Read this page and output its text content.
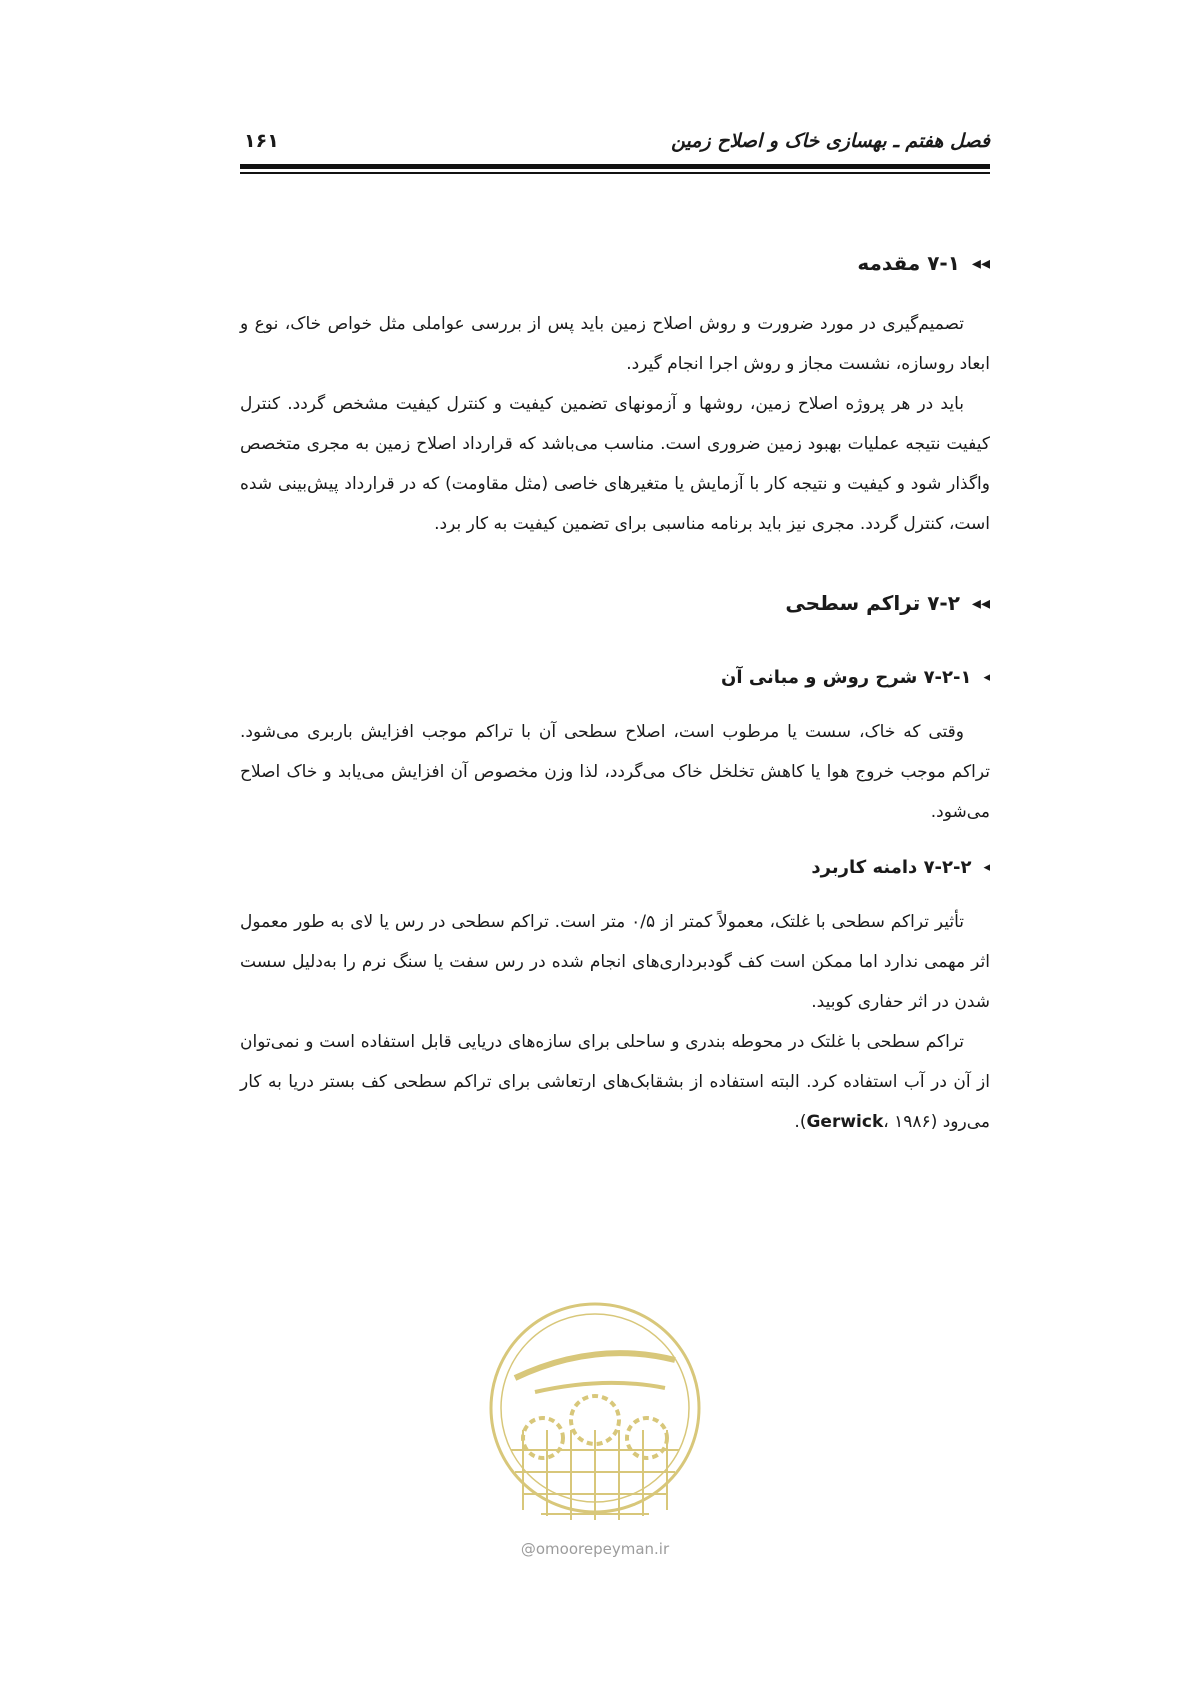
فصل هفتم ـ بهسازی خاک و اصلاح زمین
۱۶۱
◂◂
۷-۱ مقدمه

تصمیم‌گیری در مورد ضرورت و روش اصلاح زمین باید پس از بررسی عواملی مثل خواص خاک، نوع و ابعاد روسازه، نشست مجاز و روش اجرا انجام گیرد.

باید در هر پروژه اصلاح زمین، روشها و آزمونهای تضمین کیفیت و کنترل کیفیت مشخص گردد. کنترل کیفیت نتیجه عملیات بهبود زمین ضروری است. مناسب می‌باشد که قرارداد اصلاح زمین به مجری متخصص واگذار شود و کیفیت و نتیجه کار با آزمایش یا متغیرهای خاصی (مثل مقاومت) که در قرارداد پیش‌بینی شده است، کنترل گردد. مجری نیز باید برنامه مناسبی برای تضمین کیفیت به کار برد.

◂◂
۷-۲ تراکم سطحی
◂
۷-۲-۱ شرح روش و مبانی آن

وقتی که خاک، سست یا مرطوب است، اصلاح سطحی آن با تراکم موجب افزایش باربری می‌شود. تراکم موجب خروج هوا یا کاهش تخلخل خاک می‌گردد، لذا وزن مخصوص آن افزایش می‌یابد و خاک اصلاح می‌شود.

◂
۷-۲-۲ دامنه کاربرد

تأثیر تراکم سطحی با غلتک، معمولاً کمتر از ۰/۵ متر است. تراکم سطحی در رس یا لای به طور معمول اثر مهمی ندارد اما ممکن است کف گودبرداری‌های انجام شده در رس سفت یا سنگ نرم را به‌دلیل سست شدن در اثر حفاری کوبید.

تراکم سطحی با غلتک در محوطه بندری و ساحلی برای سازه‌های دریایی قابل استفاده است و نمی‌توان از آن در آب استفاده کرد. البته استفاده از بشقابک‌های ارتعاشی برای تراکم سطحی کف بستر دریا به کار می‌رود (Gerwick، ۱۹۸۶).

@omoorepeyman.ir
